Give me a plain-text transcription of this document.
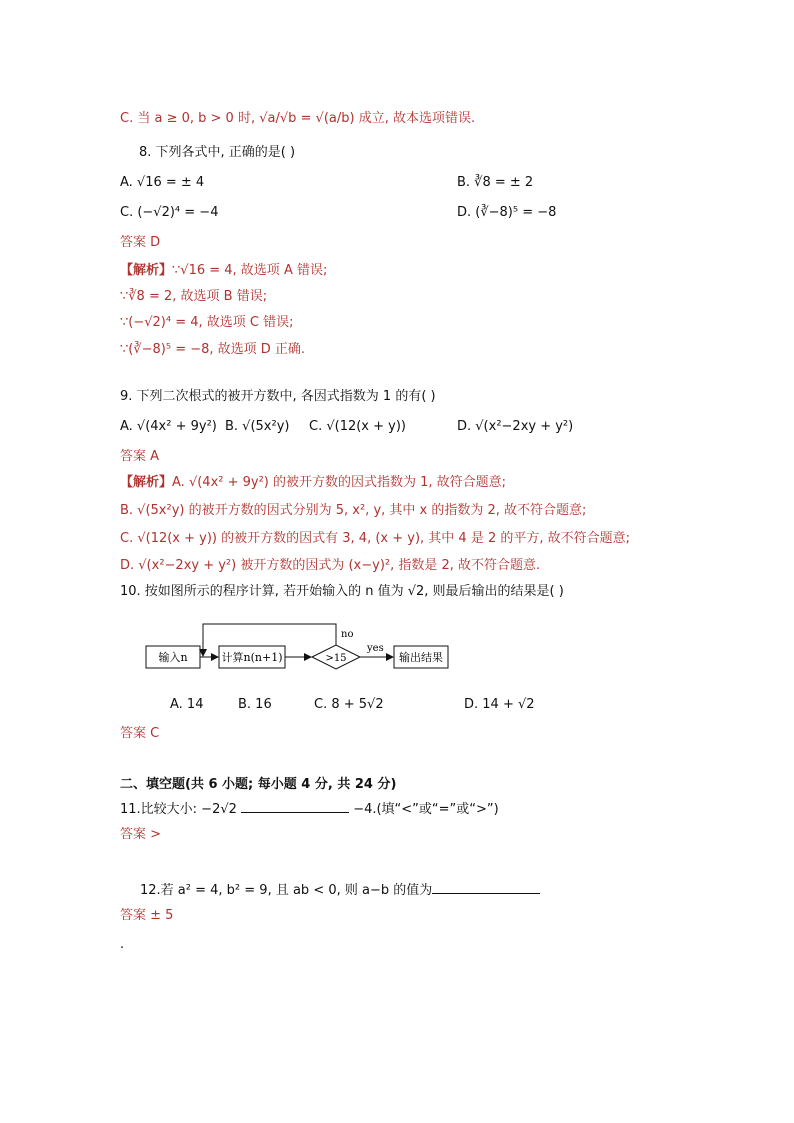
C. 当 a ≥ 0, b > 0 时, √a/√b = √(a/b) 成立, 故本选项错误.
8. 下列各式中, 正确的是( )
A. √16 = ± 4	B. ∛8 = ± 2
C. (−√2)⁴ = −4	D. (∛−8)⁵ = −8
答案 D
【解析】∵√16 = 4, 故选项 A 错误;
∵∛8 = 2, 故选项 B 错误;
∵(−√2)⁴ = 4, 故选项 C 错误;
∵(∛−8)⁵ = −8, 故选项 D 正确.
9. 下列二次根式的被开方数中, 各因式指数为 1 的有( )
A. √(4x² + 9y²) B. √(5x²y) C. √(12(x + y))	D. √(x²−2xy + y²)
答案 A
【解析】A. √(4x² + 9y²) 的被开方数的因式指数为 1, 故符合题意;
B. √(5x²y) 的被开方数的因式分别为 5, x², y, 其中 x 的指数为 2, 故不符合题意;
C. √(12(x + y)) 的被开方数的因式有 3, 4, (x + y), 其中 4 是 2 的平方, 故不符合题意;
D. √(x²−2xy + y²) 被开方数的因式为 (x−y)², 指数是 2, 故不符合题意.
10. 按如图所示的程序计算, 若开始输入的 n 值为 √2, 则最后输出的结果是( )
输入n	计算n(n+1)	>15
no
yes
输出结果
A. 14	B. 16	C. 8 + 5√2	D. 14 + √2
答案 C
二、填空题(共 6 小题; 每小题 4 分, 共 24 分)
11.比较大小: −2√2	−4.(填“<”或“=”或“>”)
答案 >
12.若 a² = 4, b² = 9, 且 ab < 0, 则 a−b 的值为
答案 ± 5
.
